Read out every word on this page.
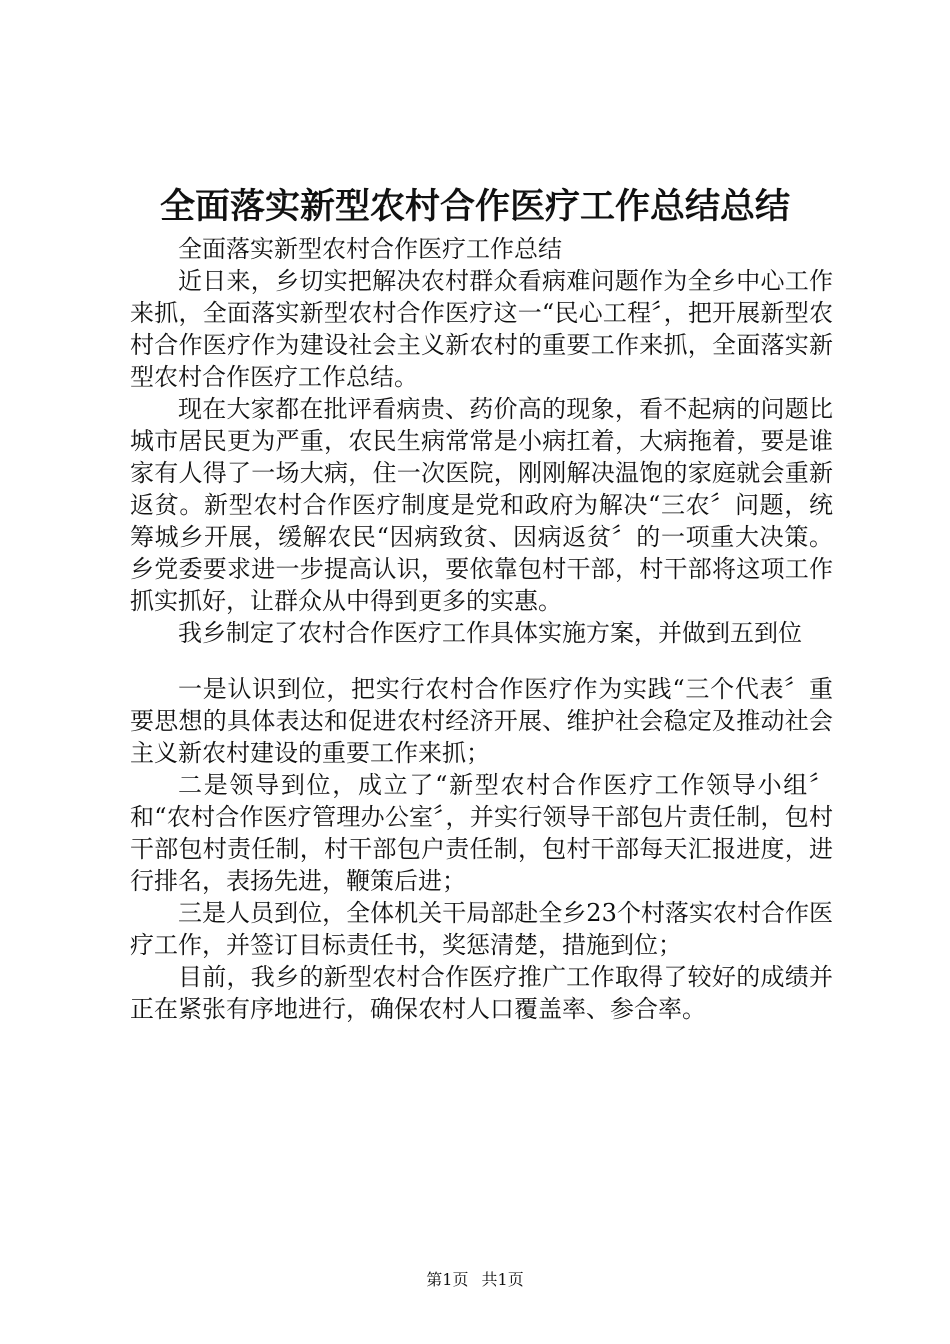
全面落实新型农村合作医疗工作总结总结

全面落实新型农村合作医疗工作总结

近日来，乡切实把解决农村群众看病难问题作为全乡中心工作来抓，全面落实新型农村合作医疗这一“民心工程〞，把开展新型农村合作医疗作为建设社会主义新农村的重要工作来抓，全面落实新型农村合作医疗工作总结。

现在大家都在批评看病贵、药价高的现象，看不起病的问题比城市居民更为严重，农民生病常常是小病扛着，大病拖着，要是谁家有人得了一场大病，住一次医院，刚刚解决温饱的家庭就会重新返贫。新型农村合作医疗制度是党和政府为解决“三农〞问题，统筹城乡开展，缓解农民“因病致贫、因病返贫〞的一项重大决策。乡党委要求进一步提高认识，要依靠包村干部，村干部将这项工作抓实抓好，让群众从中得到更多的实惠。

我乡制定了农村合作医疗工作具体实施方案，并做到五到位

一是认识到位，把实行农村合作医疗作为实践“三个代表〞重要思想的具体表达和促进农村经济开展、维护社会稳定及推动社会主义新农村建设的重要工作来抓；

二是领导到位，成立了“新型农村合作医疗工作领导小组〞和“农村合作医疗管理办公室〞，并实行领导干部包片责任制，包村干部包村责任制，村干部包户责任制，包村干部每天汇报进度，进行排名，表扬先进，鞭策后进；

三是人员到位，全体机关干局部赴全乡23个村落实农村合作医疗工作，并签订目标责任书，奖惩清楚，措施到位；

目前，我乡的新型农村合作医疗推广工作取得了较好的成绩并正在紧张有序地进行，确保农村人口覆盖率、参合率。

第1页 共1页
